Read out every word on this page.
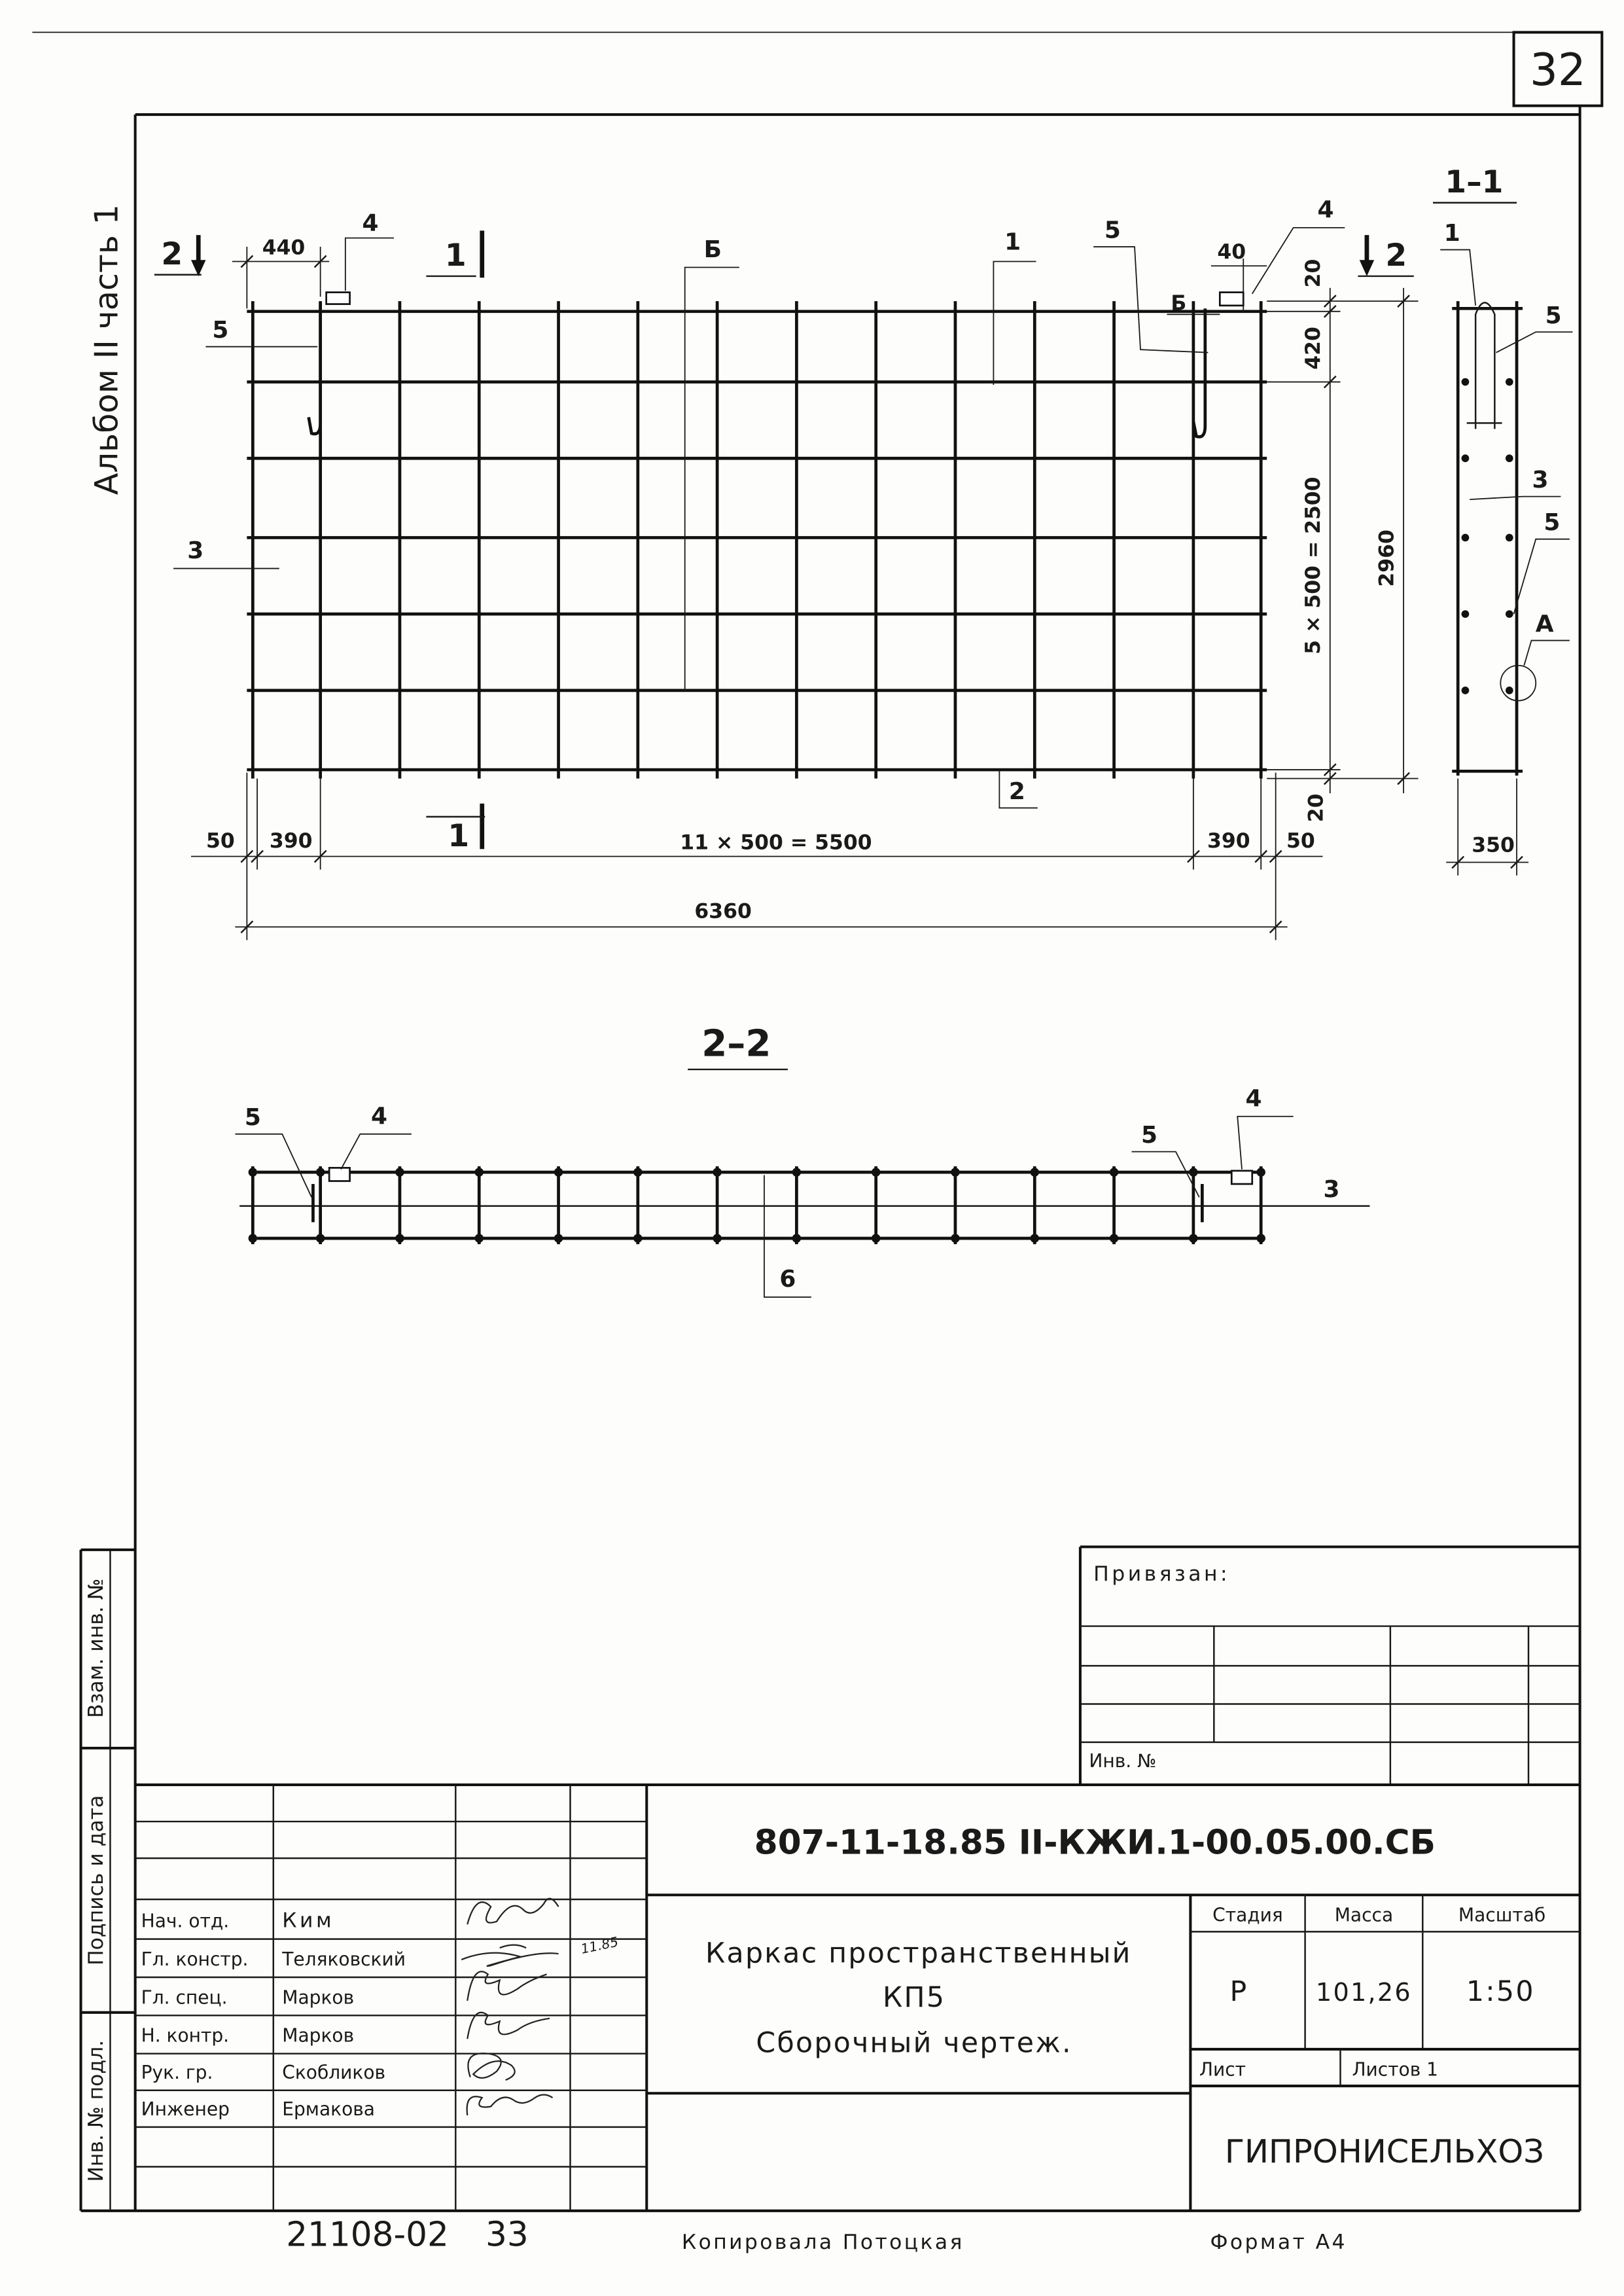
32
Альбом II часть 1
Взам. инв. №
Подпись и дата
Инв. № подл.
2	440
4
1	Б	1	5
Б
40
4
2
5
3
20
420
5 × 500 = 2500	2960
20
2
1
50	390	11 × 500 = 5500	390	50
6360
1–1
1
5
3
5
А
350
2–2
5	4
5
4
3
6
Привязан:
Инв. №
807-11-18.85 II-КЖИ.1-00.05.00.СБ
Каркас пространственный
КП5
Сборочный чертеж.
Стадия	Масса	Масштаб
Р	101,26	1:50
Лист	Листов 1
ГИПРОНИСЕЛЬХОЗ
Нач. отд.	Ким
Гл. констр.	Теляковский
Гл. спец.	Марков
Н. контр.	Марков
Рук. гр.	Скобликов
Инженер	Ермакова
11.85
21108-02 33	Копировала Потоцкая	Формат А4
